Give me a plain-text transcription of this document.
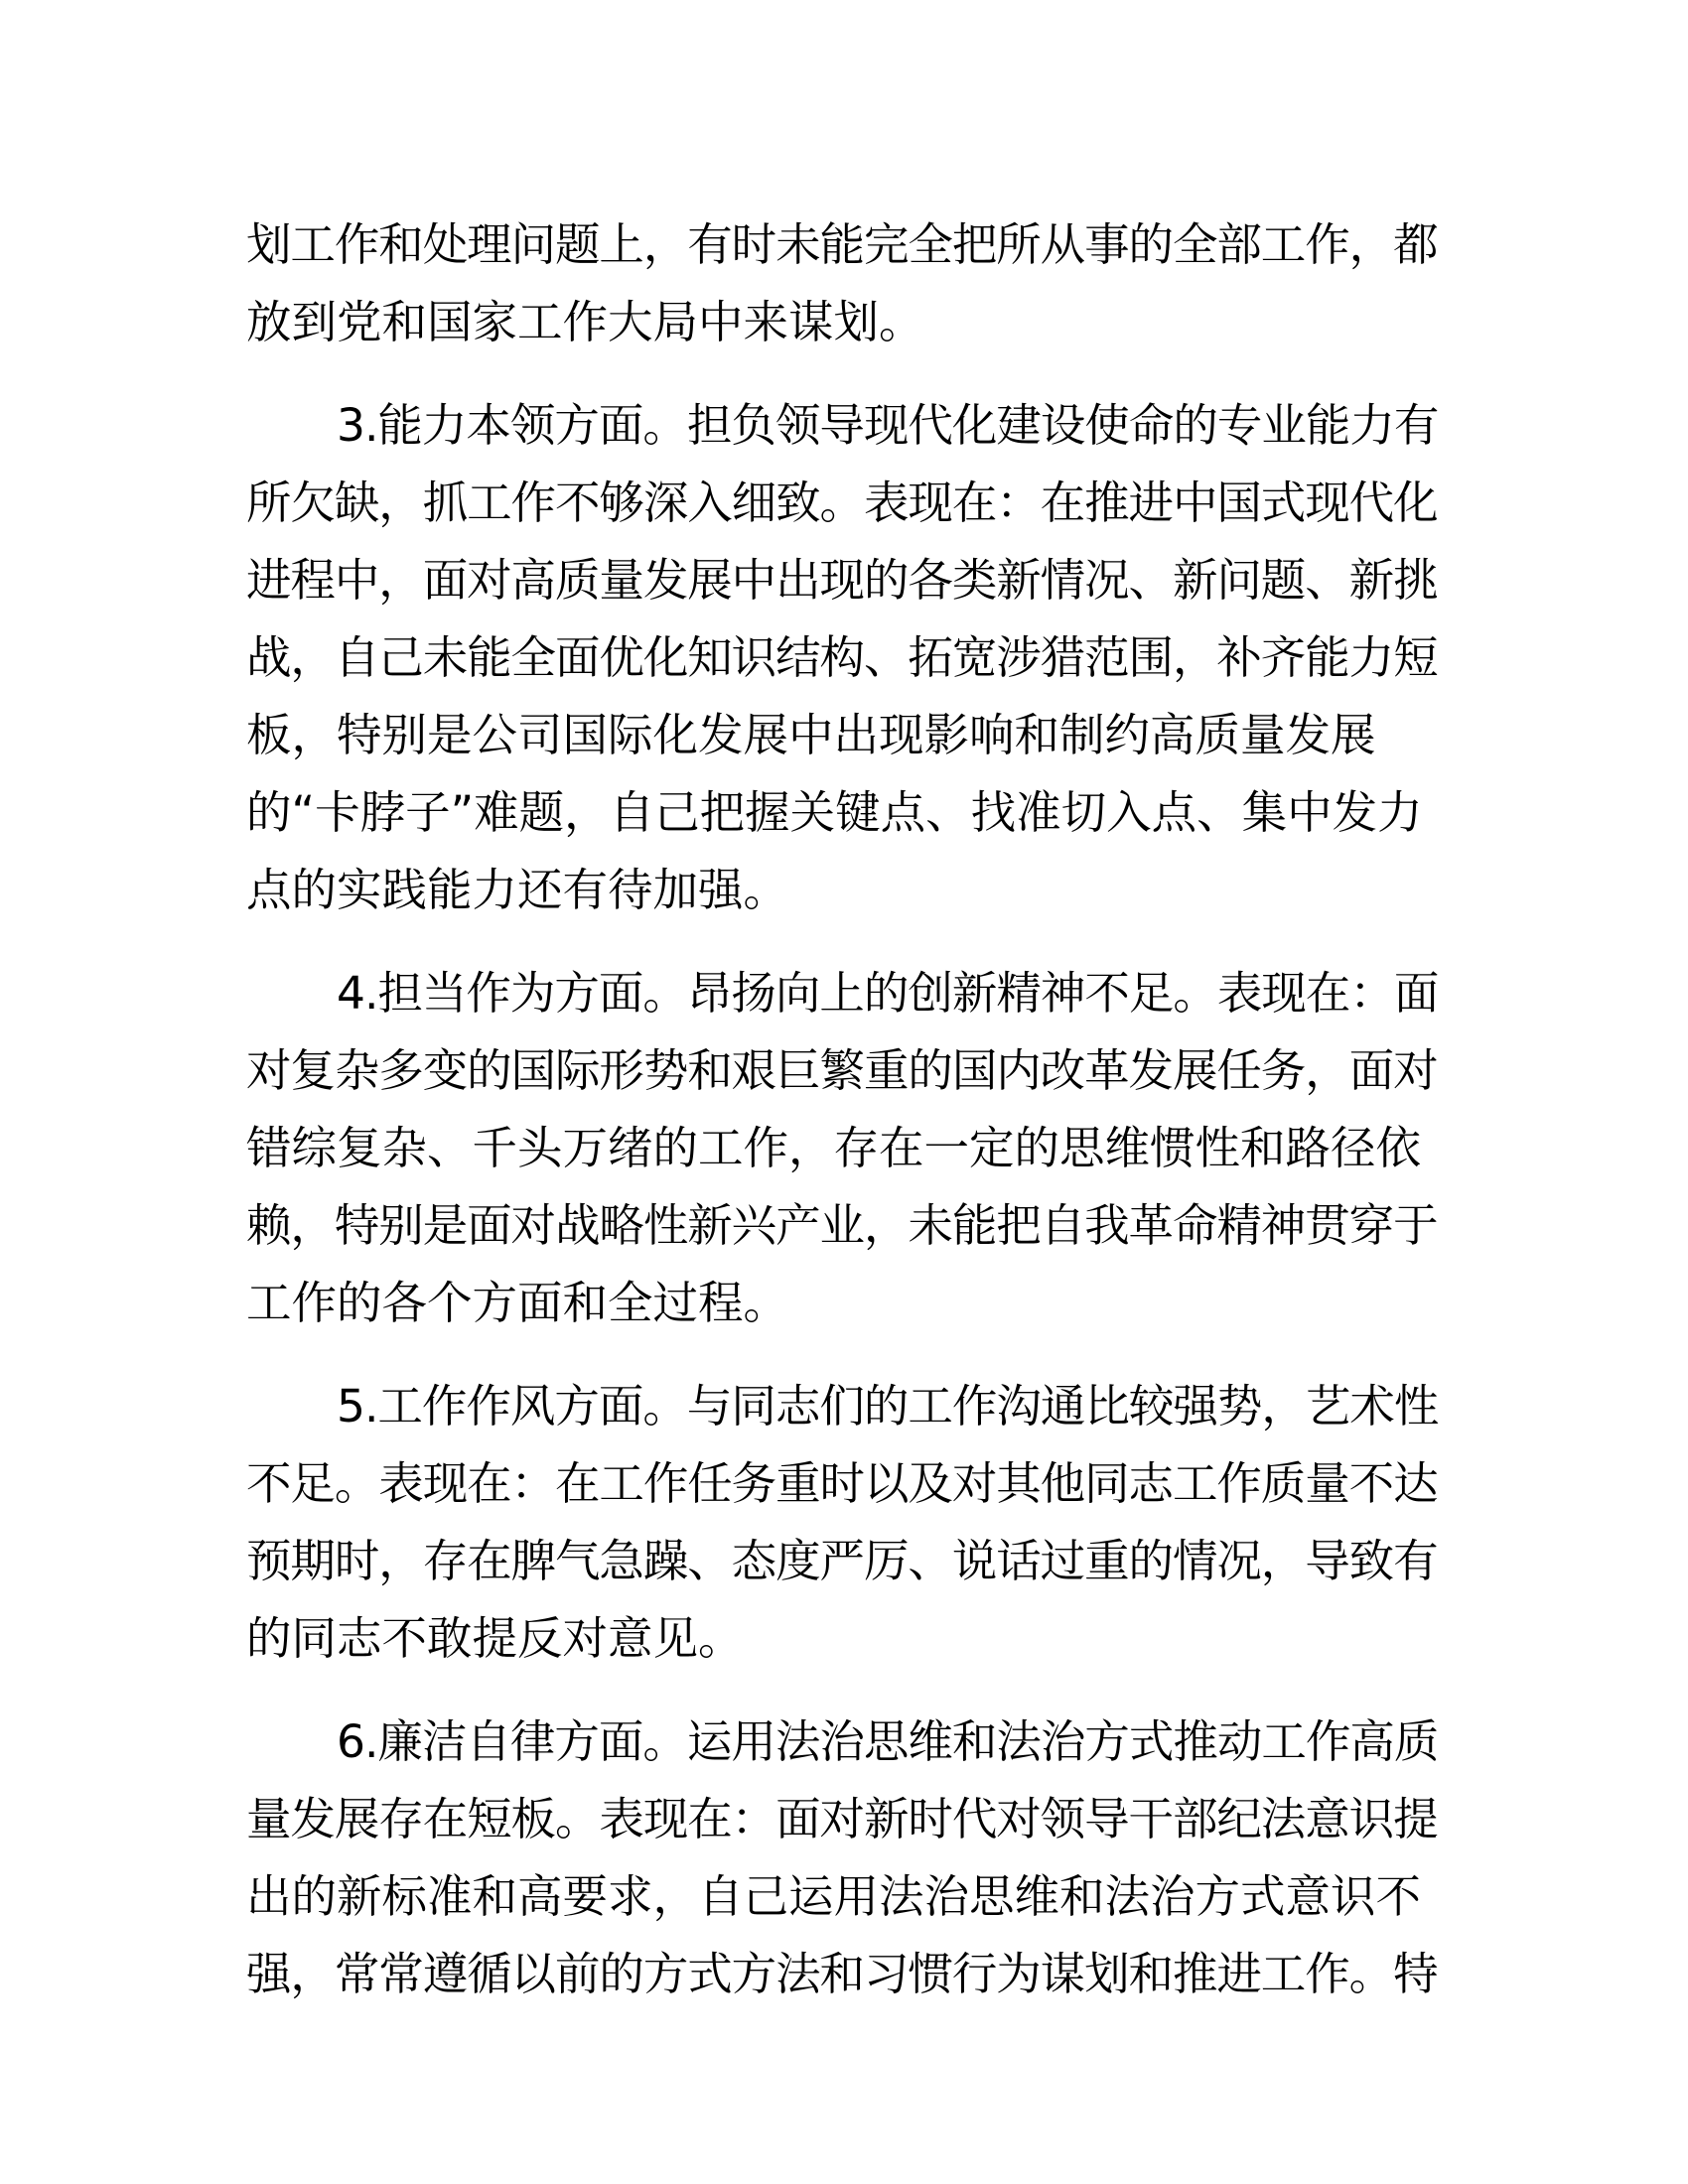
划工作和处理问题上，有时未能完全把所从事的全部工作，都
放到党和国家工作大局中来谋划。
3.能力本领方面。担负领导现代化建设使命的专业能力有
所欠缺，抓工作不够深入细致。表现在：在推进中国式现代化
进程中，面对高质量发展中出现的各类新情况、新问题、新挑
战，自己未能全面优化知识结构、拓宽涉猎范围，补齐能力短
板，特别是公司国际化发展中出现影响和制约高质量发展
的“卡脖子”难题，自己把握关键点、找准切入点、集中发力
点的实践能力还有待加强。
4.担当作为方面。昂扬向上的创新精神不足。表现在：面
对复杂多变的国际形势和艰巨繁重的国内改革发展任务，面对
错综复杂、千头万绪的工作，存在一定的思维惯性和路径依
赖，特别是面对战略性新兴产业，未能把自我革命精神贯穿于
工作的各个方面和全过程。
5.工作作风方面。与同志们的工作沟通比较强势，艺术性
不足。表现在：在工作任务重时以及对其他同志工作质量不达
预期时，存在脾气急躁、态度严厉、说话过重的情况，导致有
的同志不敢提反对意见。
6.廉洁自律方面。运用法治思维和法治方式推动工作高质
量发展存在短板。表现在：面对新时代对领导干部纪法意识提
出的新标准和高要求，自己运用法治思维和法治方式意识不
强，常常遵循以前的方式方法和习惯行为谋划和推进工作。特
